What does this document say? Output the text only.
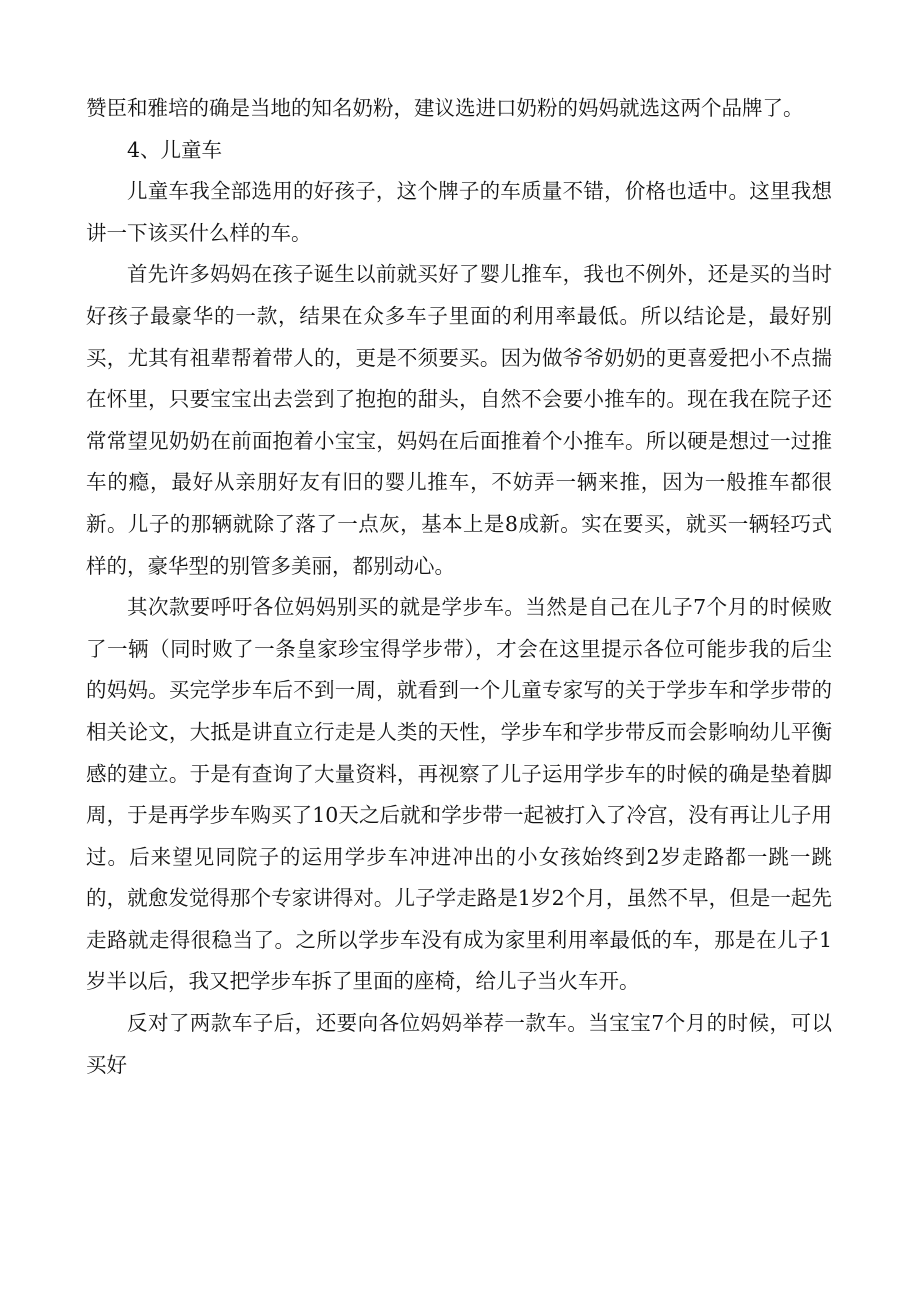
赞臣和雅培的确是当地的知名奶粉，建议选进口奶粉的妈妈就选这两个品牌了。

4、儿童车

儿童车我全部选用的好孩子，这个牌子的车质量不错，价格也适中。这里我想讲一下该买什么样的车。

首先许多妈妈在孩子诞生以前就买好了婴儿推车，我也不例外，还是买的当时好孩子最豪华的一款，结果在众多车子里面的利用率最低。所以结论是，最好别买，尤其有祖辈帮着带人的，更是不须要买。因为做爷爷奶奶的更喜爱把小不点揣在怀里，只要宝宝出去尝到了抱抱的甜头，自然不会要小推车的。现在我在院子还常常望见奶奶在前面抱着小宝宝，妈妈在后面推着个小推车。所以硬是想过一过推车的瘾，最好从亲朋好友有旧的婴儿推车，不妨弄一辆来推，因为一般推车都很新。儿子的那辆就除了落了一点灰，基本上是8成新。实在要买，就买一辆轻巧式样的，豪华型的别管多美丽，都别动心。

其次款要呼吁各位妈妈别买的就是学步车。当然是自己在儿子7个月的时候败了一辆（同时败了一条皇家珍宝得学步带），才会在这里提示各位可能步我的后尘的妈妈。买完学步车后不到一周，就看到一个儿童专家写的关于学步车和学步带的相关论文，大抵是讲直立行走是人类的天性，学步车和学步带反而会影响幼儿平衡感的建立。于是有查询了大量资料，再视察了儿子运用学步车的时候的确是垫着脚周，于是再学步车购买了10天之后就和学步带一起被打入了冷宫，没有再让儿子用过。后来望见同院子的运用学步车冲进冲出的小女孩始终到2岁走路都一跳一跳的，就愈发觉得那个专家讲得对。儿子学走路是1岁2个月，虽然不早，但是一起先走路就走得很稳当了。之所以学步车没有成为家里利用率最低的车，那是在儿子1岁半以后，我又把学步车拆了里面的座椅，给儿子当火车开。

反对了两款车子后，还要向各位妈妈举荐一款车。当宝宝7个月的时候，可以买好
